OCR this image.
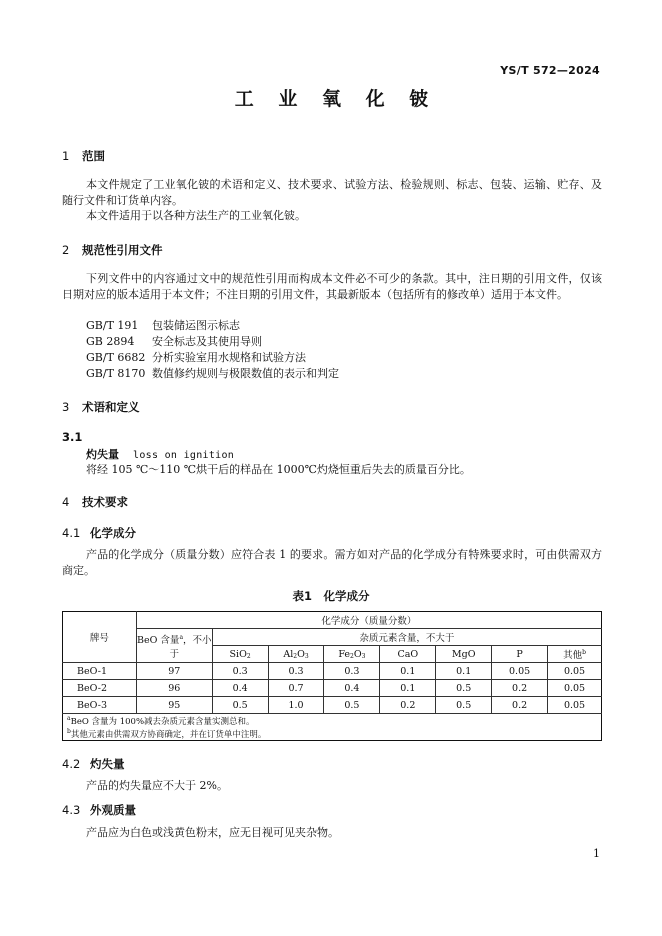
YS/T 572—2024
工 业 氧 化 铍
1 范围
本文件规定了工业氧化铍的术语和定义、技术要求、试验方法、检验规则、标志、包装、运输、贮存、及随行文件和订货单内容。
本文件适用于以各种方法生产的工业氧化铍。
2 规范性引用文件
下列文件中的内容通过文中的规范性引用而构成本文件必不可少的条款。其中，注日期的引用文件，仅该日期对应的版本适用于本文件；不注日期的引用文件，其最新版本（包括所有的修改单）适用于本文件。
GB/T 191 包装储运图示标志
GB 2894 安全标志及其使用导则
GB/T 6682 分析实验室用水规格和试验方法
GB/T 8170 数值修约规则与极限数值的表示和判定
3 术语和定义
3.1
灼失量 loss on ignition
将经 105 ℃～110 ℃烘干后的样品在 1000℃灼烧恒重后失去的质量百分比。
4 技术要求
4.1 化学成分
产品的化学成分（质量分数）应符合表 1 的要求。需方如对产品的化学成分有特殊要求时，可由供需双方商定。
表1　化学成分
牌号	化学成分（质量分数）							
	BeO 含量$^a$，不小于	杂质元素含量，不大于						
		SiO$_2$	$Al_2O_3$	$Fe_2O_3$	CaO	MgO	P	其他$^b$
BeO-1	97	0.3	0.3	0.3	0.1	0.1	0.05	0.05
BeO-2	96	0.4	0.7	0.4	0.1	0.5	0.2	0.05
BeO-3	95	0.5	1.0	0.5	0.2	0.5	0.2	0.05
$^a$BeO 含量为 100%减去杂质元素含量实测总和。								
$^b$其他元素由供需双方协商确定，并在订货单中注明。								
4.2 灼失量
产品的灼失量应不大于 2%。
4.3 外观质量
产品应为白色或浅黄色粉末，应无目视可见夹杂物。
1
